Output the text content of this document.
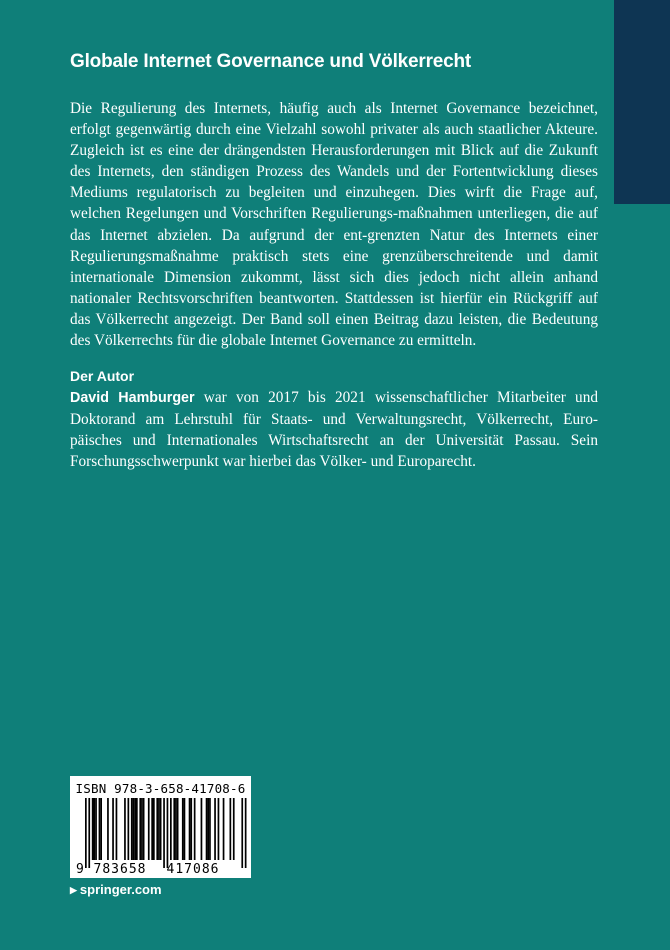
Globale Internet Governance und Völkerrecht
Die Regulierung des Internets, häufig auch als Internet Governance bezeichnet, erfolgt gegenwärtig durch eine Vielzahl sowohl privater als auch staatlicher Akteure. Zugleich ist es eine der drängendsten Herausforderungen mit Blick auf die Zukunft des Internets, den ständigen Prozess des Wandels und der Fortentwicklung dieses Mediums regulatorisch zu begleiten und einzuhegen. Dies wirft die Frage auf, welchen Regelungen und Vorschriften Regulierungs-maßnahmen unterliegen, die auf das Internet abzielen. Da aufgrund der ent-grenzten Natur des Internets einer Regulierungsmaßnahme praktisch stets eine grenzüberschreitende und damit internationale Dimension zukommt, lässt sich dies jedoch nicht allein anhand nationaler Rechtsvorschriften beantworten. Stattdessen ist hierfür ein Rückgriff auf das Völkerrecht angezeigt. Der Band soll einen Beitrag dazu leisten, die Bedeutung des Völkerrechts für die globale Internet Governance zu ermitteln.
Der Autor
David Hamburger war von 2017 bis 2021 wissenschaftlicher Mitarbeiter und Doktorand am Lehrstuhl für Staats- und Verwaltungsrecht, Völkerrecht, Euro-päisches und Internationales Wirtschaftsrecht an der Universität Passau. Sein Forschungsschwerpunkt war hierbei das Völker- und Europarecht.
ISBN 978-3-658-41708-6
9 783658 417086
▶ springer.com
